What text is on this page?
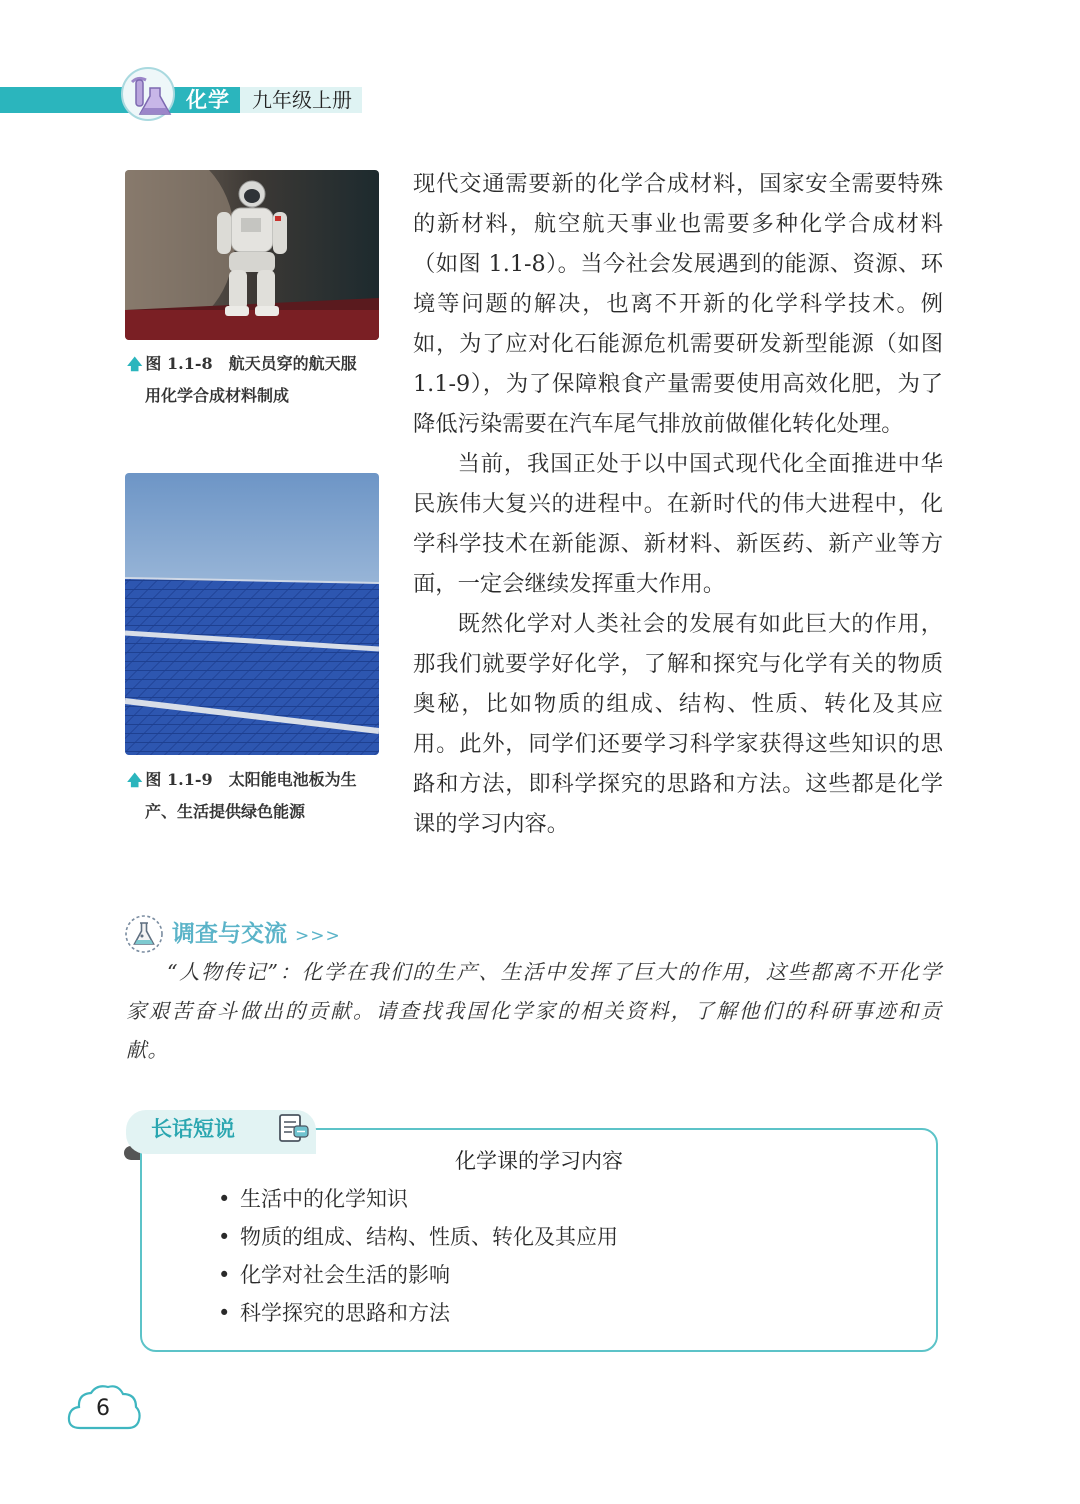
化学 九年级上册
🡅 图 1.1-8　航天员穿的航天服
用化学合成材料制成
🡅 图 1.1-9　太阳能电池板为生
产、生活提供绿色能源

现代交通需要新的化学合成材料，国家安全需要特殊的新材料，航空航天事业也需要多种化学合成材料（如图 1.1-8）。当今社会发展遇到的能源、资源、环境等问题的解决，也离不开新的化学科学技术。例如，为了应对化石能源危机需要研发新型能源（如图 1.1-9），为了保障粮食产量需要使用高效化肥，为了降低污染需要在汽车尾气排放前做催化转化处理。

当前，我国正处于以中国式现代化全面推进中华民族伟大复兴的进程中。在新时代的伟大进程中，化学科学技术在新能源、新材料、新医药、新产业等方面，一定会继续发挥重大作用。

既然化学对人类社会的发展有如此巨大的作用，那我们就要学好化学，了解和探究与化学有关的物质奥秘，比如物质的组成、结构、性质、转化及其应用。此外，同学们还要学习科学家获得这些知识的思路和方法，即科学探究的思路和方法。这些都是化学课的学习内容。

调查与交流 >>>

“人物传记”：化学在我们的生产、生活中发挥了巨大的作用，这些都离不开化学家艰苦奋斗做出的贡献。请查找我国化学家的相关资料，了解他们的科研事迹和贡献。

长话短说
化学课的学习内容
• 生活中的化学知识
• 物质的组成、结构、性质、转化及其应用
• 化学对社会生活的影响
• 科学探究的思路和方法
6
